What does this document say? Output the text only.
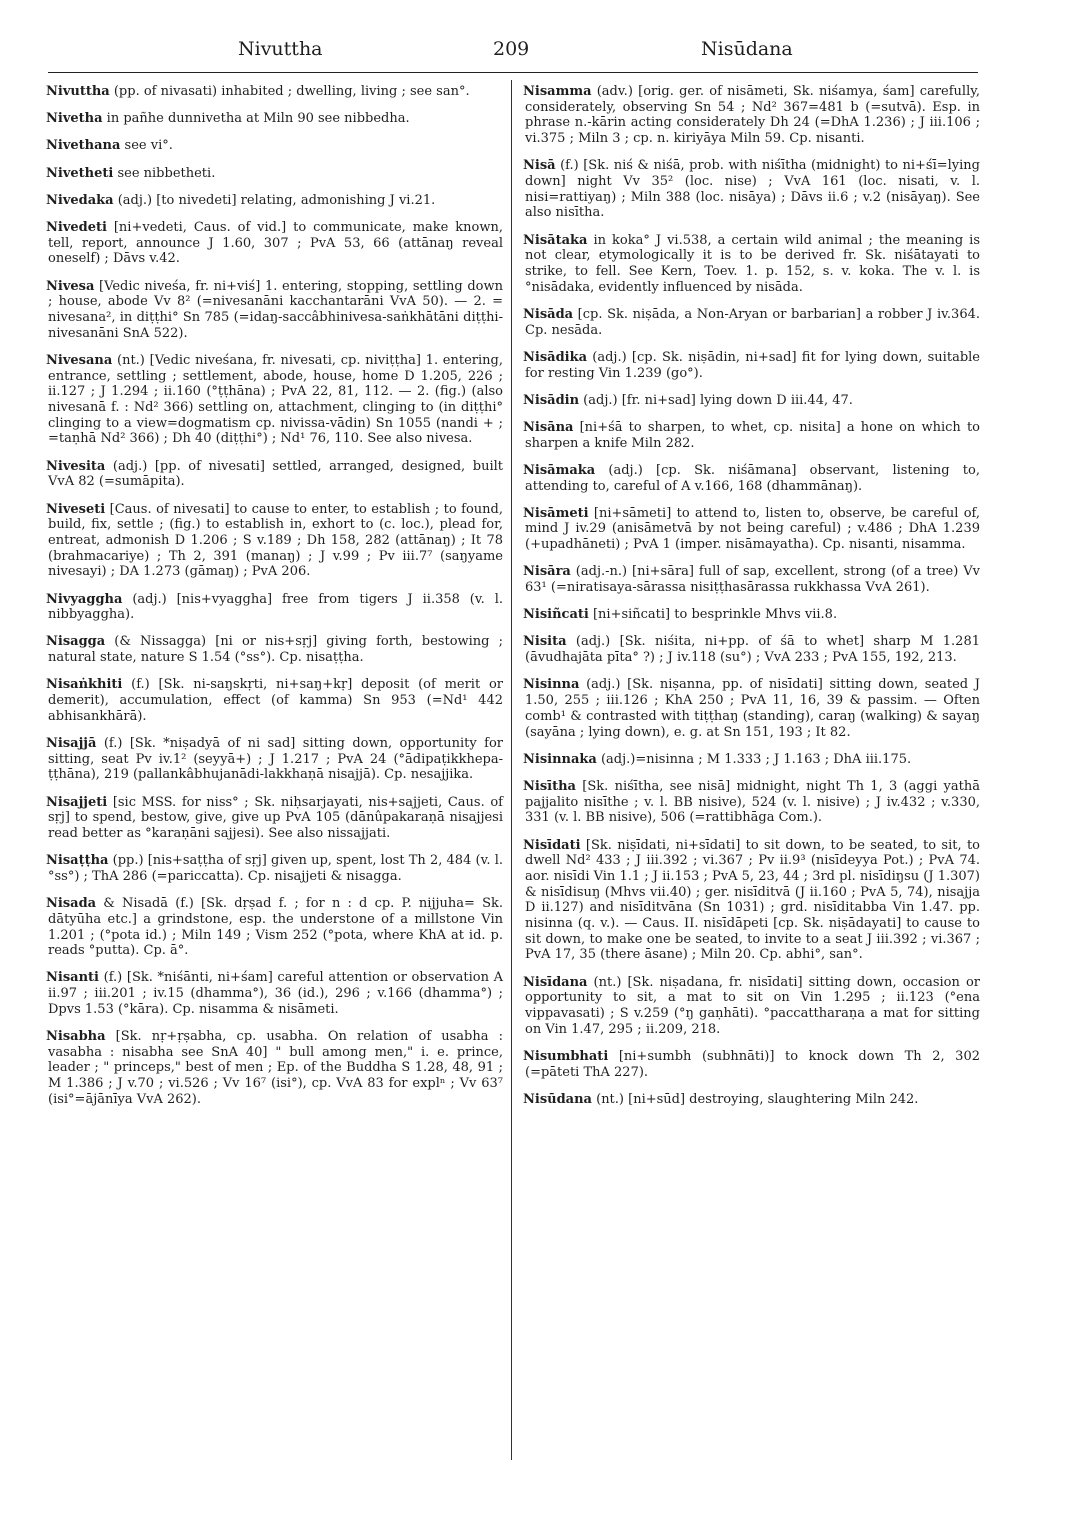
Nivuttha	209	Nisūdana

Nivuttha (pp. of nivasati) inhabited ; dwelling, living ; see san°.

Nivetha in pañhe dunnivetha at Miln 90 see nibbedha.

Nivethana see vi°.

Nivetheti see nibbetheti.

Nivedaka (adj.) [to nivedeti] relating, admonishing J vi.21.

Nivedeti [ni+vedeti, Caus. of vid.] to communicate, make known, tell, report, announce J 1.60, 307 ; PvA 53, 66 (attānaŋ reveal oneself) ; Dāvs v.42.

Nivesa [Vedic niveśa, fr. ni+viś] 1. entering, stopping, settling down ; house, abode Vv 8² (=nivesanāni kacchantarāni VvA 50). — 2. = nivesana², in diṭṭhi° Sn 785 (=idaŋ-saccâbhinivesa-saṅkhātāni diṭṭhi-nivesanāni SnA 522).

Nivesana (nt.) [Vedic niveśana, fr. nivesati, cp. niviṭṭha] 1. entering, entrance, settling ; settlement, abode, house, home D 1.205, 226 ; ii.127 ; J 1.294 ; ii.160 (°ṭṭhāna) ; PvA 22, 81, 112. — 2. (fig.) (also nivesanā f. : Nd² 366) settling on, attachment, clinging to (in diṭṭhi° clinging to a view=dogmatism cp. nivissa-vādin) Sn 1055 (nandi + ; =taṇhā Nd² 366) ; Dh 40 (diṭṭhi°) ; Nd¹ 76, 110. See also nivesa.

Nivesita (adj.) [pp. of nivesati] settled, arranged, designed, built VvA 82 (=sumāpita).

Niveseti [Caus. of nivesati] to cause to enter, to establish ; to found, build, fix, settle ; (fig.) to establish in, exhort to (c. loc.), plead for, entreat, admonish D 1.206 ; S v.189 ; Dh 158, 282 (attānaŋ) ; It 78 (brahmacariye) ; Th 2, 391 (manaŋ) ; J v.99 ; Pv iii.7⁷ (saŋyame nivesayi) ; DA 1.273 (gāmaŋ) ; PvA 206.

Nivyaggha (adj.) [nis+vyaggha] free from tigers J ii.358 (v. l. nibbyaggha).

Nisagga (& Nissagga) [ni or nis+sṛj] giving forth, bestowing ; natural state, nature S 1.54 (°ss°). Cp. nisaṭṭha.

Nisaṅkhiti (f.) [Sk. ni-saŋskṛti, ni+saŋ+kṛ] deposit (of merit or demerit), accumulation, effect (of kamma) Sn 953 (=Nd¹ 442 abhisankhārā).

Nisajjā (f.) [Sk. *niṣadyā of ni sad] sitting down, opportunity for sitting, seat Pv iv.1² (seyyā+) ; J 1.217 ; PvA 24 (°ādipaṭikkhepa-ṭṭhāna), 219 (pallankâbhujanādi-lakkhaṇā nisajjā). Cp. nesajjika.

Nisajjeti [sic MSS. for niss° ; Sk. niḥsarjayati, nis+sajjeti, Caus. of sṛj] to spend, bestow, give, give up PvA 105 (dānûpakaraṇā nisajjesi read better as °karaṇāni sajjesi). See also nissajjati.

Nisaṭṭha (pp.) [nis+saṭṭha of sṛj] given up, spent, lost Th 2, 484 (v. l. °ss°) ; ThA 286 (=pariccatta). Cp. nisajjeti & nisagga.

Nisada & Nisadā (f.) [Sk. dṛṣad f. ; for n : d cp. P. nijjuha= Sk. dātyūha etc.] a grindstone, esp. the understone of a millstone Vin 1.201 ; (°pota id.) ; Miln 149 ; Vism 252 (°pota, where KhA at id. p. reads °putta). Cp. ā°.

Nisanti (f.) [Sk. *niśānti, ni+śam] careful attention or observation A ii.97 ; iii.201 ; iv.15 (dhamma°), 36 (id.), 296 ; v.166 (dhamma°) ; Dpvs 1.53 (°kāra). Cp. nisamma & nisāmeti.

Nisabha [Sk. nṛ+ṛṣabha, cp. usabha. On relation of usabha : vasabha : nisabha see SnA 40] " bull among men," i. e. prince, leader ; " princeps," best of men ; Ep. of the Buddha S 1.28, 48, 91 ; M 1.386 ; J v.70 ; vi.526 ; Vv 16⁷ (isi°), cp. VvA 83 for explⁿ ; Vv 63⁷ (isi°=ājānīya VvA 262).

Nisamma (adv.) [orig. ger. of nisāmeti, Sk. niśamya, śam] carefully, considerately, observing Sn 54 ; Nd² 367=481 b (=sutvā). Esp. in phrase n.-kārin acting considerately Dh 24 (=DhA 1.236) ; J iii.106 ; vi.375 ; Miln 3 ; cp. n. kiriyāya Miln 59. Cp. nisanti.

Nisā (f.) [Sk. niś & niśā, prob. with niśītha (midnight) to ni+śī=lying down] night Vv 35² (loc. nise) ; VvA 161 (loc. nisati, v. l. nisi=rattiyaŋ) ; Miln 388 (loc. nisāya) ; Dāvs ii.6 ; v.2 (nisāyaŋ). See also nisītha.

Nisātaka in koka° J vi.538, a certain wild animal ; the meaning is not clear, etymologically it is to be derived fr. Sk. niśātayati to strike, to fell. See Kern, Toev. 1. p. 152, s. v. koka. The v. l. is °nisādaka, evidently influenced by nisāda.

Nisāda [cp. Sk. niṣāda, a Non-Aryan or barbarian] a robber J iv.364. Cp. nesāda.

Nisādika (adj.) [cp. Sk. niṣādin, ni+sad] fit for lying down, suitable for resting Vin 1.239 (go°).

Nisādin (adj.) [fr. ni+sad] lying down D iii.44, 47.

Nisāna [ni+śā to sharpen, to whet, cp. nisita] a hone on which to sharpen a knife Miln 282.

Nisāmaka (adj.) [cp. Sk. niśāmana] observant, listening to, attending to, careful of A v.166, 168 (dhammānaŋ).

Nisāmeti [ni+sāmeti] to attend to, listen to, observe, be careful of, mind J iv.29 (anisāmetvā by not being careful) ; v.486 ; DhA 1.239 (+upadhāneti) ; PvA 1 (imper. nisāmayatha). Cp. nisanti, nisamma.

Nisāra (adj.-n.) [ni+sāra] full of sap, excellent, strong (of a tree) Vv 63¹ (=niratisaya-sārassa nisiṭṭhasārassa rukkhassa VvA 261).

Nisiñcati [ni+siñcati] to besprinkle Mhvs vii.8.

Nisita (adj.) [Sk. niśita, ni+pp. of śā to whet] sharp M 1.281 (āvudhajāta pīta° ?) ; J iv.118 (su°) ; VvA 233 ; PvA 155, 192, 213.

Nisinna (adj.) [Sk. niṣanna, pp. of nisīdati] sitting down, seated J 1.50, 255 ; iii.126 ; KhA 250 ; PvA 11, 16, 39 & passim. — Often comb¹ & contrasted with tiṭṭhaŋ (standing), caraŋ (walking) & sayaŋ (sayāna ; lying down), e. g. at Sn 151, 193 ; It 82.

Nisinnaka (adj.)=nisinna ; M 1.333 ; J 1.163 ; DhA iii.175.

Nisītha [Sk. niśītha, see nisā] midnight, night Th 1, 3 (aggi yathā pajjalito nisīthe ; v. l. BB nisive), 524 (v. l. nisive) ; J iv.432 ; v.330, 331 (v. l. BB nisive), 506 (=rattibhāga Com.).

Nisīdati [Sk. niṣīdati, ni+sīdati] to sit down, to be seated, to sit, to dwell Nd² 433 ; J iii.392 ; vi.367 ; Pv ii.9³ (nisīdeyya Pot.) ; PvA 74. aor. nisīdi Vin 1.1 ; J ii.153 ; PvA 5, 23, 44 ; 3rd pl. nisīdiŋsu (J 1.307) & nisīdisuŋ (Mhvs vii.40) ; ger. nisīditvā (J ii.160 ; PvA 5, 74), nisajja D ii.127) and nisīditvāna (Sn 1031) ; grd. nisīditabba Vin 1.47. pp. nisinna (q. v.). — Caus. II. nisīdāpeti [cp. Sk. niṣādayati] to cause to sit down, to make one be seated, to invite to a seat J iii.392 ; vi.367 ; PvA 17, 35 (there āsane) ; Miln 20. Cp. abhi°, san°.

Nisīdana (nt.) [Sk. niṣadana, fr. nisīdati] sitting down, occasion or opportunity to sit, a mat to sit on Vin 1.295 ; ii.123 (°ena vippavasati) ; S v.259 (°ŋ gaṇhāti). °paccattharaṇa a mat for sitting on Vin 1.47, 295 ; ii.209, 218.

Nisumbhati [ni+sumbh (subhnāti)] to knock down Th 2, 302 (=pāteti ThA 227).

Nisūdana (nt.) [ni+sūd] destroying, slaughtering Miln 242.
